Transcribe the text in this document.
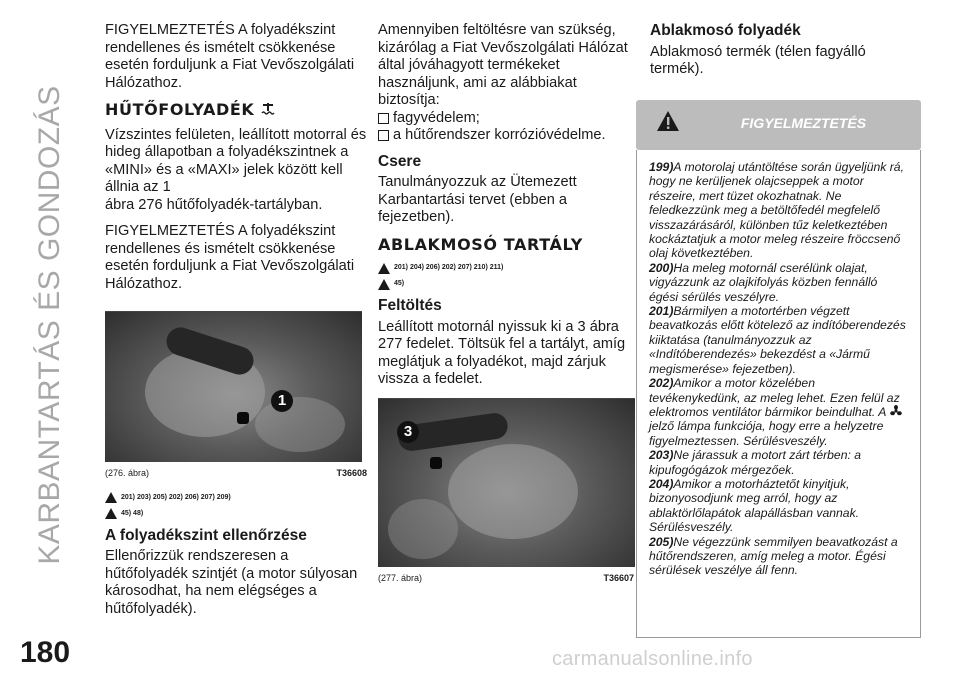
KARBANTARTÁS ÉS GONDOZÁS
180	carmanualsonline.info

FIGYELMEZTETÉS A folyadékszint rendellenes és ismételt csökkenése esetén forduljunk a Fiat Vevőszolgálati Hálózathoz.

HŰTŐFOLYADÉK

Vízszintes felületen, leállított motorral és hideg állapotban a folyadékszintnek a «MINI» és a «MAXI» jelek között kell állnia az 1
ábra 276 hűtőfolyadék-tartályban.

FIGYELMEZTETÉS A folyadékszint rendellenes és ismételt csökkenése esetén forduljunk a Fiat Vevőszolgálati Hálózathoz.

1
(276. ábra)	T36608
201) 203) 205) 202) 206) 207) 209)
45) 48)
A folyadékszint ellenőrzése

Ellenőrizzük rendszeresen a hűtőfolyadék szintjét (a motor súlyosan károsodhat, ha nem elégséges a hűtőfolyadék).

Amennyiben feltöltésre van szükség, kizárólag a Fiat Vevőszolgálati Hálózat által jóváhagyott termékeket használjunk, ami az alábbiakat biztosítja:

fagyvédelem;
a hűtőrendszer korrózióvédelme.
Csere

Tanulmányozzuk az Ütemezett Karbantartási tervet (ebben a fejezetben).

ABLAKMOSÓ TARTÁLY
201) 204) 206) 202) 207) 210) 211)
45)
Feltöltés

Leállított motornál nyissuk ki a 3 ábra 277 fedelet. Töltsük fel a tartályt, amíg meglátjuk a folyadékot, majd zárjuk vissza a fedelet.

3
(277. ábra)	T36607
Ablakmosó folyadék

Ablakmosó termék (télen fagyálló termék).

FIGYELMEZTETÉS

199)A motorolaj utántöltése során ügyeljünk rá, hogy ne kerüljenek olajcseppek a motor részeire, mert tüzet okozhatnak. Ne feledkezzünk meg a betöltőfedél megfelelő visszazárásáról, különben tűz keletkeztében kockáztatjuk a motor meleg részeire fröccsenő olaj következtében.

200)Ha meleg motornál cserélünk olajat, vigyázzunk az olajkifolyás közben fennálló égési sérülés veszélyre.

201)Bármilyen a motortérben végzett beavatkozás előtt kötelező az indítóberendezés kiiktatása (tanulmányozzuk az «Indítóberendezés» bekezdést a «Jármű megismerése» fejezetben).

202)Amikor a motor közelében tevékenykedünk, az meleg lehet. Ezen felül az elektromos ventilátor bármikor beindulhat. A jelző lámpa funkciója, hogy erre a helyzetre figyelmeztessen. Sérülésveszély.

203)Ne járassuk a motort zárt térben: a kipufogógázok mérgezőek.

204)Amikor a motorháztetőt kinyitjuk, bizonyosodjunk meg arról, hogy az ablaktörlőlapátok alapállásban vannak. Sérülésveszély.

205)Ne végezzünk semmilyen beavatkozást a hűtőrendszeren, amíg meleg a motor. Égési sérülések veszélye áll fenn.
